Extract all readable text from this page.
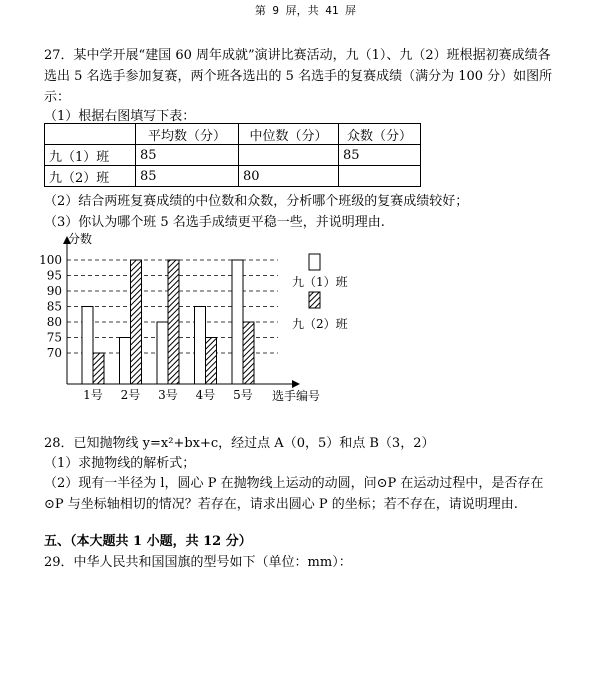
第 9 屏，共 41 屏
27．某中学开展“建国 60 周年成就”演讲比赛活动，九（1）、九（2）班根据初赛成绩各
选出 5 名选手参加复赛，两个班各选出的 5 名选手的复赛成绩（满分为 100 分）如图所
示：
（1）根据右图填写下表：
	平均数（分）	中位数（分）	众数（分）
九（1）班	85		85
九（2）班	85	80	
（2）结合两班复赛成绩的中位数和众数，分析哪个班级的复赛成绩较好；
（3）你认为哪个班 5 名选手成绩更平稳一些，并说明理由.
分数
选手编号
70
75
80
85
90
95
100
1号 2号 3号 4号 5号
九（1）班
九（2）班
28．已知抛物线 y=x²+bx+c，经过点 A（0，5）和点 B（3，2）
（1）求抛物线的解析式；
（2）现有一半径为 l，圆心 P 在抛物线上运动的动圆，问⊙P 在运动过程中，是否存在
⊙P 与坐标轴相切的情况？若存在，请求出圆心 P 的坐标；若不存在，请说明理由.
五、（本大题共 1 小题，共 12 分）
29．中华人民共和国国旗的型号如下（单位：mm）：
